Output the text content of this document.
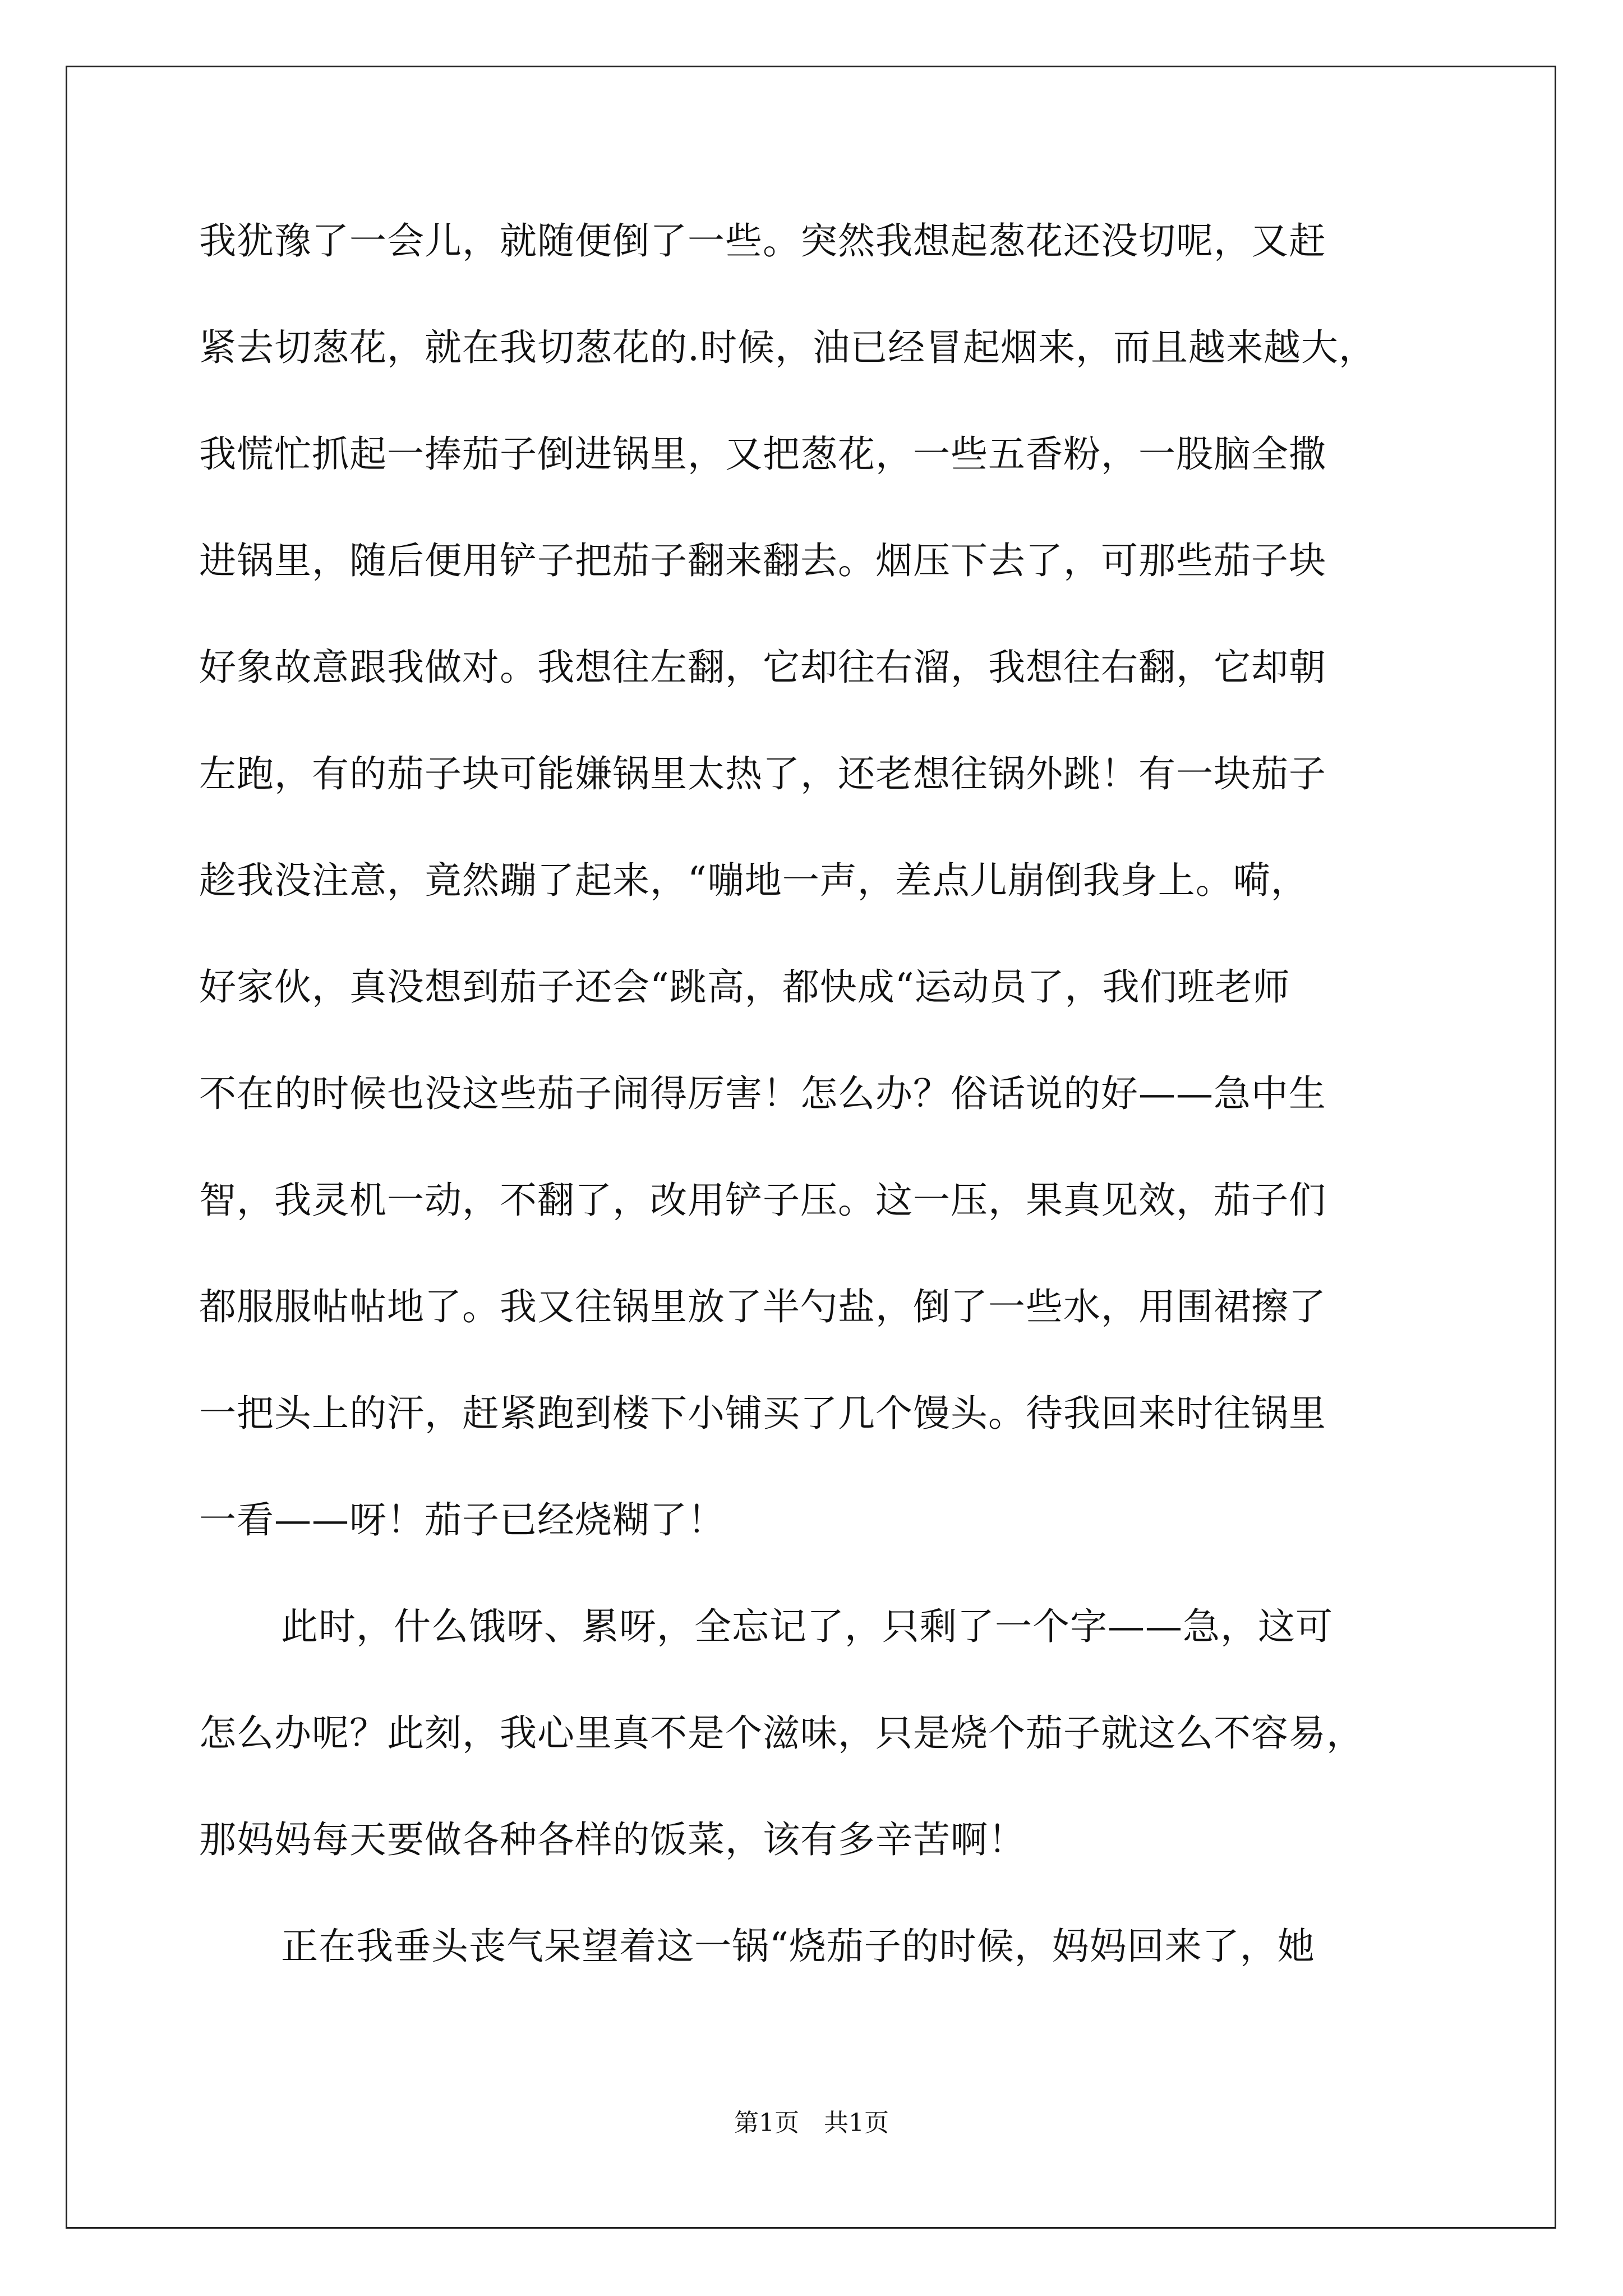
我犹豫了一会儿，就随便倒了一些。突然我想起葱花还没切呢，又赶
紧去切葱花，就在我切葱花的.时候，油已经冒起烟来，而且越来越大，
我慌忙抓起一捧茄子倒进锅里，又把葱花，一些五香粉，一股脑全撒
进锅里，随后便用铲子把茄子翻来翻去。烟压下去了，可那些茄子块
好象故意跟我做对。我想往左翻，它却往右溜，我想往右翻，它却朝
左跑，有的茄子块可能嫌锅里太热了，还老想往锅外跳！有一块茄子
趁我没注意，竟然蹦了起来，“嘣地一声，差点儿崩倒我身上。嗬，
好家伙，真没想到茄子还会“跳高，都快成“运动员了，我们班老师
不在的时候也没这些茄子闹得厉害！怎么办？俗话说的好——急中生
智，我灵机一动，不翻了，改用铲子压。这一压，果真见效，茄子们
都服服帖帖地了。我又往锅里放了半勺盐，倒了一些水，用围裙擦了
一把头上的汗，赶紧跑到楼下小铺买了几个馒头。待我回来时往锅里
一看——呀！茄子已经烧糊了！
此时，什么饿呀、累呀，全忘记了，只剩了一个字——急，这可
怎么办呢？此刻，我心里真不是个滋味，只是烧个茄子就这么不容易，
那妈妈每天要做各种各样的饭菜，该有多辛苦啊！
正在我垂头丧气呆望着这一锅“烧茄子的时候，妈妈回来了，她
第1页　共1页
